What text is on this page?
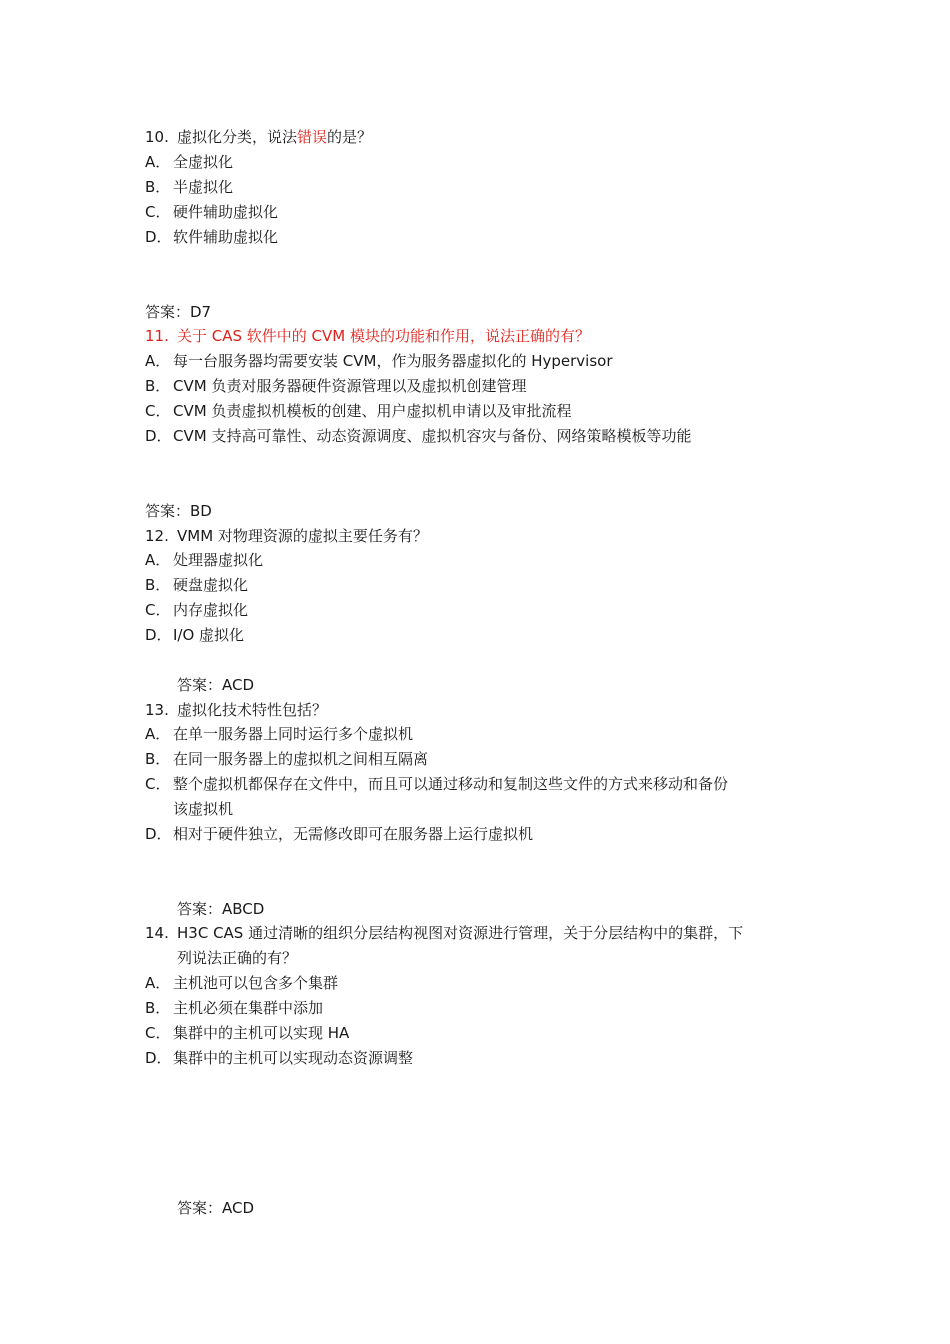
10. 虚拟化分类，说法错误的是？
A． 全虚拟化
B． 半虚拟化
C． 硬件辅助虚拟化
D．软件辅助虚拟化
答案：D7
11. 关于 CAS 软件中的 CVM 模块的功能和作用，说法正确的有？
A． 每一台服务器均需要安装 CVM，作为服务器虚拟化的 Hypervisor
B． CVM 负责对服务器硬件资源管理以及虚拟机创建管理
C． CVM 负责虚拟机模板的创建、用户虚拟机申请以及审批流程
D．CVM 支持高可靠性、动态资源调度、虚拟机容灾与备份、网络策略模板等功能
答案：BD
12. VMM 对物理资源的虚拟主要任务有？
A． 处理器虚拟化
B． 硬盘虚拟化
C． 内存虚拟化
D．I/O 虚拟化
答案：ACD
13. 虚拟化技术特性包括？
A． 在单一服务器上同时运行多个虚拟机
B． 在同一服务器上的虚拟机之间相互隔离
C． 整个虚拟机都保存在文件中，而且可以通过移动和复制这些文件的方式来移动和备份
该虚拟机
D．相对于硬件独立，无需修改即可在服务器上运行虚拟机
答案：ABCD
14. H3C CAS 通过清晰的组织分层结构视图对资源进行管理，关于分层结构中的集群，下
列说法正确的有？
A． 主机池可以包含多个集群
B． 主机必须在集群中添加
C． 集群中的主机可以实现 HA
D．集群中的主机可以实现动态资源调整
答案：ACD
